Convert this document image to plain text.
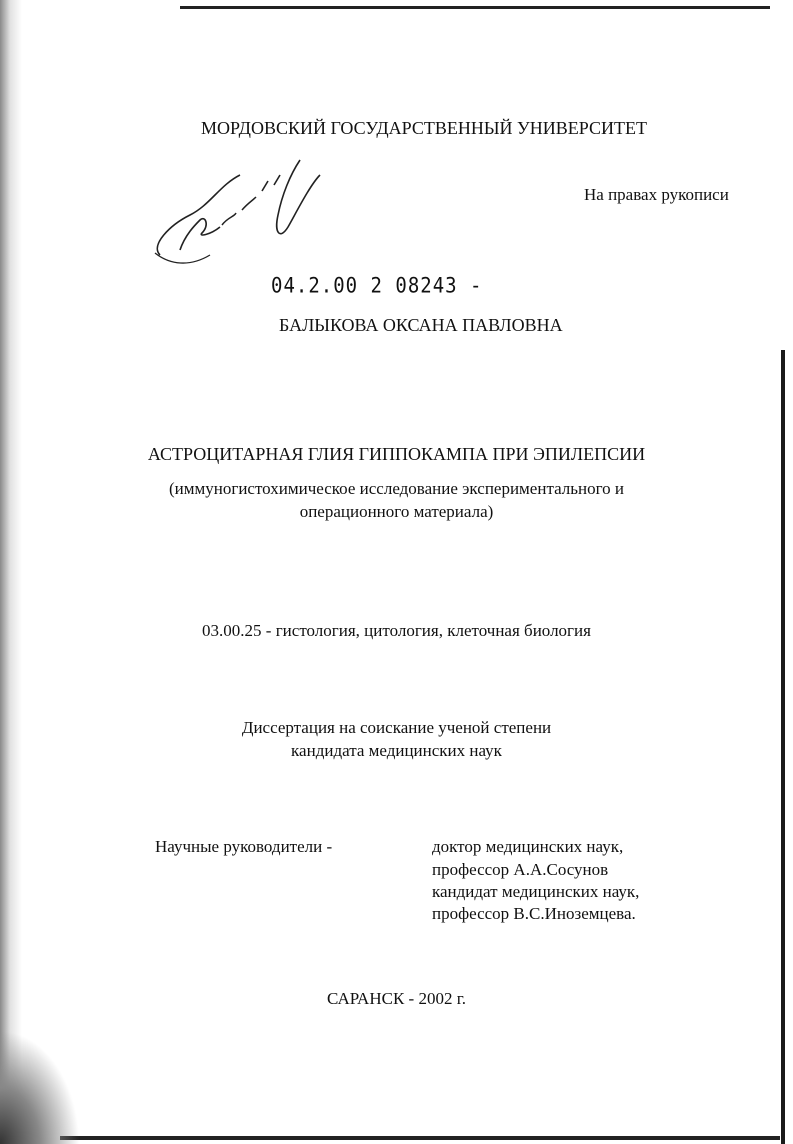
МОРДОВСКИЙ ГОСУДАРСТВЕННЫЙ УНИВЕРСИТЕТ
На правах рукописи
04.2.00 2 08243 -
БАЛЫКОВА ОКСАНА ПАВЛОВНА
АСТРОЦИТАРНАЯ ГЛИЯ ГИППОКАМПА ПРИ ЭПИЛЕПСИИ
(иммуногистохимическое исследование экспериментального и
операционного материала)
03.00.25 - гистология, цитология, клеточная биология
Диссертация на соискание ученой степени
кандидата медицинских наук
Научные руководители -	доктор медицинских наук,
профессор А.А.Сосунов
кандидат медицинских наук,
профессор В.С.Иноземцева.
САРАНСК - 2002 г.
